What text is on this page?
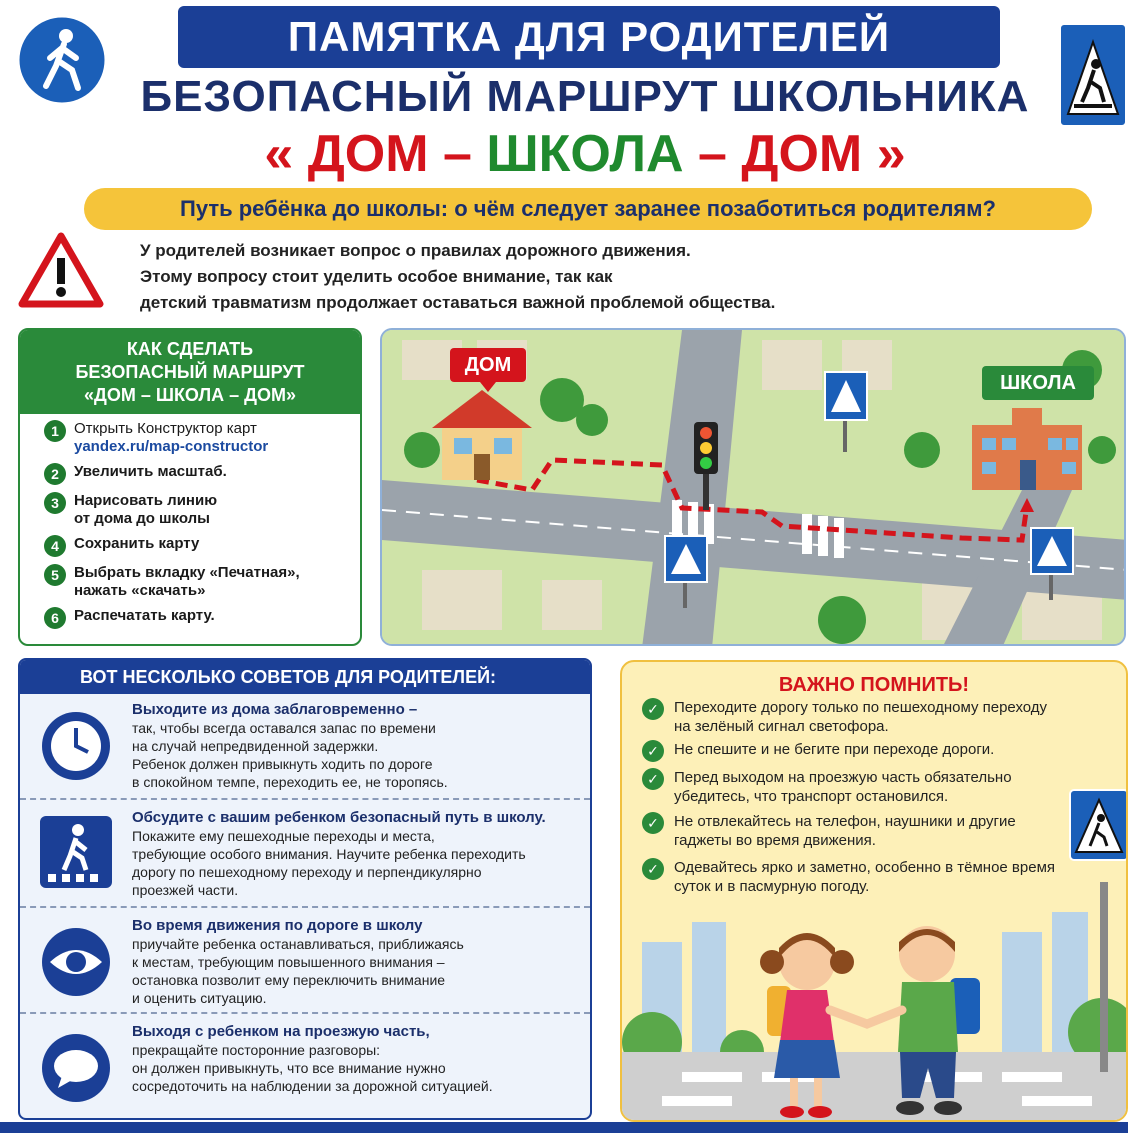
ПАМЯТКА ДЛЯ РОДИТЕЛЕЙ
БЕЗОПАСНЫЙ МАРШРУТ ШКОЛЬНИКА
« ДОМ – ШКОЛА – ДОМ »
Путь ребёнка до школы: о чём следует заранее позаботиться родителям?
У родителей возникает вопрос о правилах дорожного движения.
Этому вопросу стоит уделить особое внимание, так как
детский травматизм продолжает оставаться важной проблемой общества.
КАК СДЕЛАТЬ
БЕЗОПАСНЫЙ МАРШРУТ
«ДОМ – ШКОЛА – ДОМ»
1	Открыть Конструктор карт
yandex.ru/map-constructor
2	Увеличить масштаб.
3	Нарисовать линию
от дома до школы
4	Сохранить карту
5	Выбрать вкладку «Печатная»,
нажать «скачать»
6	Распечатать карту.
ДОМ
ШКОЛА
ВОТ НЕСКОЛЬКО СОВЕТОВ ДЛЯ РОДИТЕЛЕЙ:
Выходите из дома заблаговременно –
так, чтобы всегда оставался запас по времени
на случай непредвиденной задержки.
Ребенок должен привыкнуть ходить по дороге
в спокойном темпе, переходить ее, не торопясь.
Обсудите с вашим ребенком безопасный путь в школу.
Покажите ему пешеходные переходы и места,
требующие особого внимания. Научите ребенка переходить
дорогу по пешеходному переходу и перпендикулярно
проезжей части.
Во время движения по дороге в школу
приучайте ребенка останавливаться, приближаясь
к местам, требующим повышенного внимания –
остановка позволит ему переключить внимание
и оценить ситуацию.
Выходя с ребенком на проезжую часть,
прекращайте посторонние разговоры:
он должен привыкнуть, что все внимание нужно
сосредоточить на наблюдении за дорожной ситуацией.
ВАЖНО ПОМНИТЬ!
✓	Переходите дорогу только по пешеходному переходу
на зелёный сигнал светофора.
✓	Не спешите и не бегите при переходе дороги.
✓	Перед выходом на проезжую часть обязательно
убедитесь, что транспорт остановился.
✓	Не отвлекайтесь на телефон, наушники и другие
гаджеты во время движения.
✓	Одевайтесь ярко и заметно, особенно в тёмное время
суток и в пасмурную погоду.
